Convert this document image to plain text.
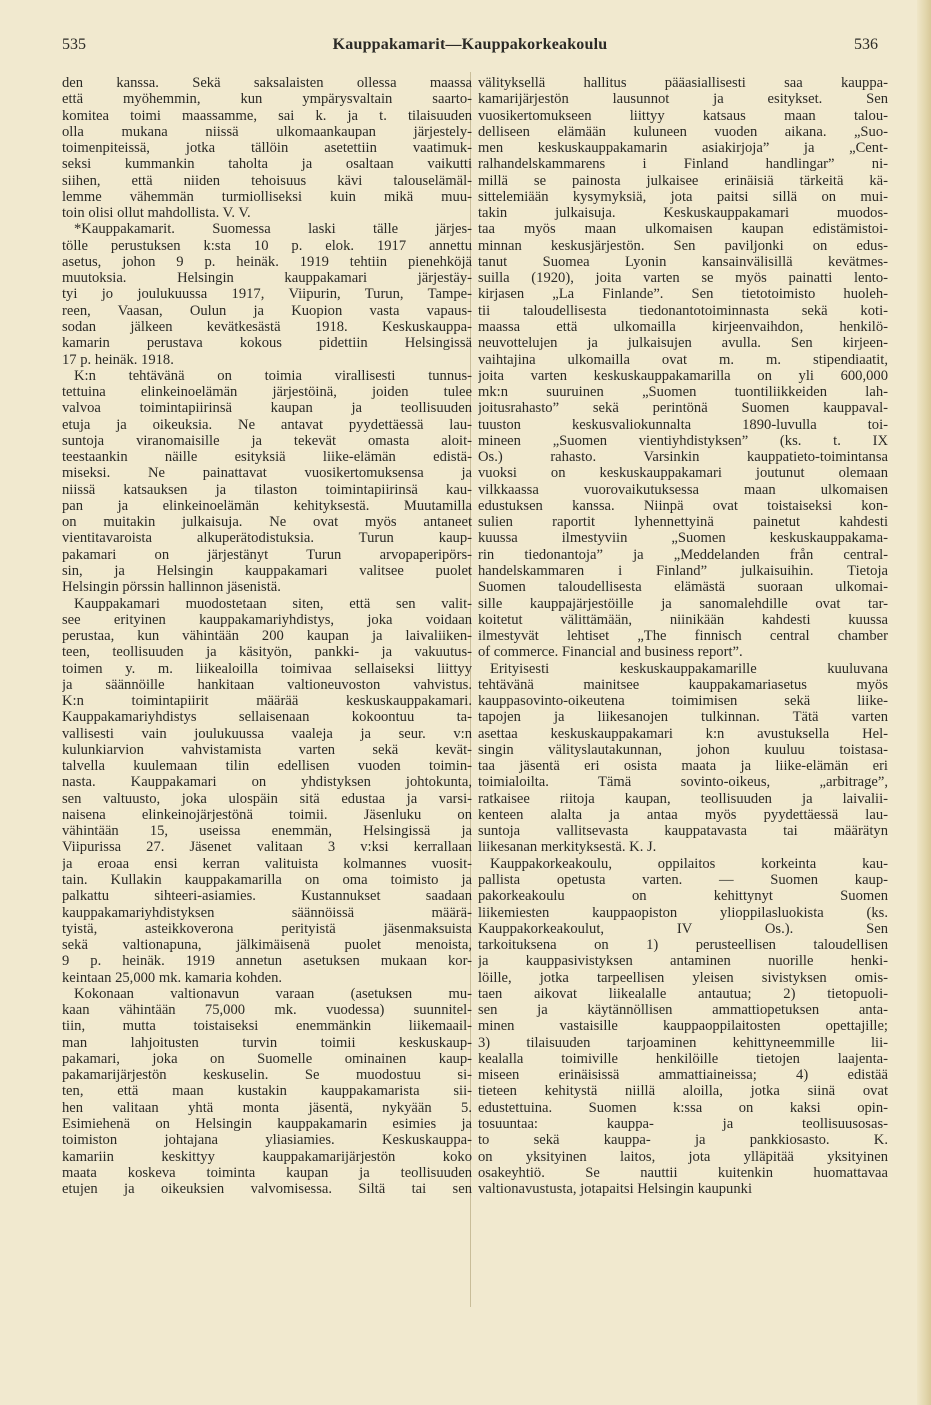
535	Kauppakamarit—Kauppakorkeakoulu	536
den kanssa. Sekä saksalaisten ollessa maassa
että myöhemmin, kun ympärysvaltain saarto-
komitea toimi maassamme, sai k. ja t. tilaisuuden
olla mukana niissä ulkomaankaupan järjestely-
toimenpiteissä, jotka tällöin asetettiin vaatimuk-
seksi kummankin taholta ja osaltaan vaikutti
siihen, että niiden tehoisuus kävi talouselämäl-
lemme vähemmän turmiolliseksi kuin mikä muu-
toin olisi ollut mahdollista. V. V.
*Kauppakamarit. Suomessa laski tälle järjes-
tölle perustuksen k:sta 10 p. elok. 1917 annettu
asetus, johon 9 p. heinäk. 1919 tehtiin pienehköjä
muutoksia. Helsingin kauppakamari järjestäy-
tyi jo joulukuussa 1917, Viipurin, Turun, Tampe-
reen, Vaasan, Oulun ja Kuopion vasta vapaus-
sodan jälkeen kevätkesästä 1918. Keskuskauppa-
kamarin perustava kokous pidettiin Helsingissä
17 p. heinäk. 1918.
K:n tehtävänä on toimia virallisesti tunnus-
tettuina elinkeinoelämän järjestöinä, joiden tulee
valvoa toimintapiirinsä kaupan ja teollisuuden
etuja ja oikeuksia. Ne antavat pyydettäessä lau-
suntoja viranomaisille ja tekevät omasta aloit-
teestaankin näille esityksiä liike-elämän edistä-
miseksi. Ne painattavat vuosikertomuksensa ja
niissä katsauksen ja tilaston toimintapiirinsä kau-
pan ja elinkeinoelämän kehityksestä. Muutamilla
on muitakin julkaisuja. Ne ovat myös antaneet
vientitavaroista alkuperätodistuksia. Turun kaup-
pakamari on järjestänyt Turun arvopaperipörs-
sin, ja Helsingin kauppakamari valitsee puolet
Helsingin pörssin hallinnon jäsenistä.
Kauppakamari muodostetaan siten, että sen valit-
see erityinen kauppakamariyhdistys, joka voidaan
perustaa, kun vähintään 200 kaupan ja laivaliiken-
teen, teollisuuden ja käsityön, pankki- ja vakuutus-
toimen y. m. liikealoilla toimivaa sellaiseksi liittyy
ja säännöille hankitaan valtioneuvoston vahvistus.
K:n toimintapiirit määrää keskuskauppakamari.
Kauppakamariyhdistys sellaisenaan kokoontuu ta-
vallisesti vain joulukuussa vaaleja ja seur. v:n
kulunkiarvion vahvistamista varten sekä kevät-
talvella kuulemaan tilin edellisen vuoden toimin-
nasta. Kauppakamari on yhdistyksen johtokunta,
sen valtuusto, joka ulospäin sitä edustaa ja varsi-
naisena elinkeinojärjestönä toimii. Jäsenluku on
vähintään 15, useissa enemmän, Helsingissä ja
Viipurissa 27. Jäsenet valitaan 3 v:ksi kerrallaan
ja eroaa ensi kerran valituista kolmannes vuosit-
tain. Kullakin kauppakamarilla on oma toimisto ja
palkattu sihteeri-asiamies. Kustannukset saadaan
kauppakamariyhdistyksen säännöissä määrä-
tyistä, asteikkoverona perityistä jäsenmaksuista
sekä valtionapuna, jälkimäisenä puolet menoista,
9 p. heinäk. 1919 annetun asetuksen mukaan kor-
keintaan 25,000 mk. kamaria kohden.
Kokonaan valtionavun varaan (asetuksen mu-
kaan vähintään 75,000 mk. vuodessa) suunnitel-
tiin, mutta toistaiseksi enemmänkin liikemaail-
man lahjoitusten turvin toimii keskuskaup-
pakamari, joka on Suomelle ominainen kaup-
pakamarijärjestön keskuselin. Se muodostuu si-
ten, että maan kustakin kauppakamarista sii-
hen valitaan yhtä monta jäsentä, nykyään 5.
Esimiehenä on Helsingin kauppakamarin esimies ja
toimiston johtajana yliasiamies. Keskuskauppa-
kamariin keskittyy kauppakamarijärjestön koko
maata koskeva toiminta kaupan ja teollisuuden
etujen ja oikeuksien valvomisessa. Siltä tai sen
välityksellä hallitus pääasiallisesti saa kauppa-
kamarijärjestön lausunnot ja esitykset. Sen
vuosikertomukseen liittyy katsaus maan talou-
delliseen elämään kuluneen vuoden aikana. „Suo-
men keskuskauppakamarin asiakirjoja” ja „Cent-
ralhandelskammarens i Finland handlingar” ni-
millä se painosta julkaisee erinäisiä tärkeitä kä-
sittelemiään kysymyksiä, jota paitsi sillä on mui-
takin julkaisuja. Keskuskauppakamari muodos-
taa myös maan ulkomaisen kaupan edistämistoi-
minnan keskusjärjestön. Sen paviljonki on edus-
tanut Suomea Lyonin kansainvälisillä kevätmes-
suilla (1920), joita varten se myös painatti lento-
kirjasen „La Finlande”. Sen tietotoimisto huoleh-
tii taloudellisesta tiedonantotoiminnasta sekä koti-
maassa että ulkomailla kirjeenvaihdon, henkilö-
neuvottelujen ja julkaisujen avulla. Sen kirjeen-
vaihtajina ulkomailla ovat m. m. stipendiaatit,
joita varten keskuskauppakamarilla on yli 600,000
mk:n suuruinen „Suomen tuontiliikkeiden lah-
joitusrahasto” sekä perintönä Suomen kauppaval-
tuuston keskusvaliokunnalta 1890-luvulla toi-
mineen „Suomen vientiyhdistyksen” (ks. t. IX
Os.) rahasto. Varsinkin kauppatieto-toimintansa
vuoksi on keskuskauppakamari joutunut olemaan
vilkkaassa vuorovaikutuksessa maan ulkomaisen
edustuksen kanssa. Niinpä ovat toistaiseksi kon-
sulien raportit lyhennettyinä painetut kahdesti
kuussa ilmestyviin „Suomen keskuskauppakama-
rin tiedonantoja” ja „Meddelanden från central-
handelskammaren i Finland” julkaisuihin. Tietoja
Suomen taloudellisesta elämästä suoraan ulkomai-
sille kauppajärjestöille ja sanomalehdille ovat tar-
koitetut välittämään, niinikään kahdesti kuussa
ilmestyvät lehtiset „The finnisch central chamber
of commerce. Financial and business report”.
Erityisesti keskuskauppakamarille kuuluvana
tehtävänä mainitsee kauppakamariasetus myös
kauppasovinto-oikeutena toimimisen sekä liike-
tapojen ja liikesanojen tulkinnan. Tätä varten
asettaa keskuskauppakamari k:n avustuksella Hel-
singin välityslautakunnan, johon kuuluu toistasa-
taa jäsentä eri osista maata ja liike-elämän eri
toimialoilta. Tämä sovinto-oikeus, „arbitrage”,
ratkaisee riitoja kaupan, teollisuuden ja laivalii-
kenteen alalta ja antaa myös pyydettäessä lau-
suntoja vallitsevasta kauppatavasta tai määrätyn
liikesanan merkityksestä. K. J.
Kauppakorkeakoulu, oppilaitos korkeinta kau-
pallista opetusta varten. — Suomen kaup-
pakorkeakoulu on kehittynyt Suomen
liikemiesten kauppaopiston ylioppilasluokista (ks.
Kauppakorkeakoulut, IV Os.). Sen
tarkoituksena on 1) perusteellisen taloudellisen
ja kauppasivistyksen antaminen nuorille henki-
löille, jotka tarpeellisen yleisen sivistyksen omis-
taen aikovat liikealalle antautua; 2) tietopuoli-
sen ja käytännöllisen ammattiopetuksen anta-
minen vastaisille kauppaoppilaitosten opettajille;
3) tilaisuuden tarjoaminen kehittyneemmille lii-
kealalla toimiville henkilöille tietojen laajenta-
miseen erinäisissä ammattiaineissa; 4) edistää
tieteen kehitystä niillä aloilla, jotka siinä ovat
edustettuina. Suomen k:ssa on kaksi opin-
tosuuntaa: kauppa- ja teollisuusosas-
to sekä kauppa- ja pankkiosasto. K.
on yksityinen laitos, jota ylläpitää yksityinen
osakeyhtiö. Se nauttii kuitenkin huomattavaa
valtionavustusta, jotapaitsi Helsingin kaupunki
